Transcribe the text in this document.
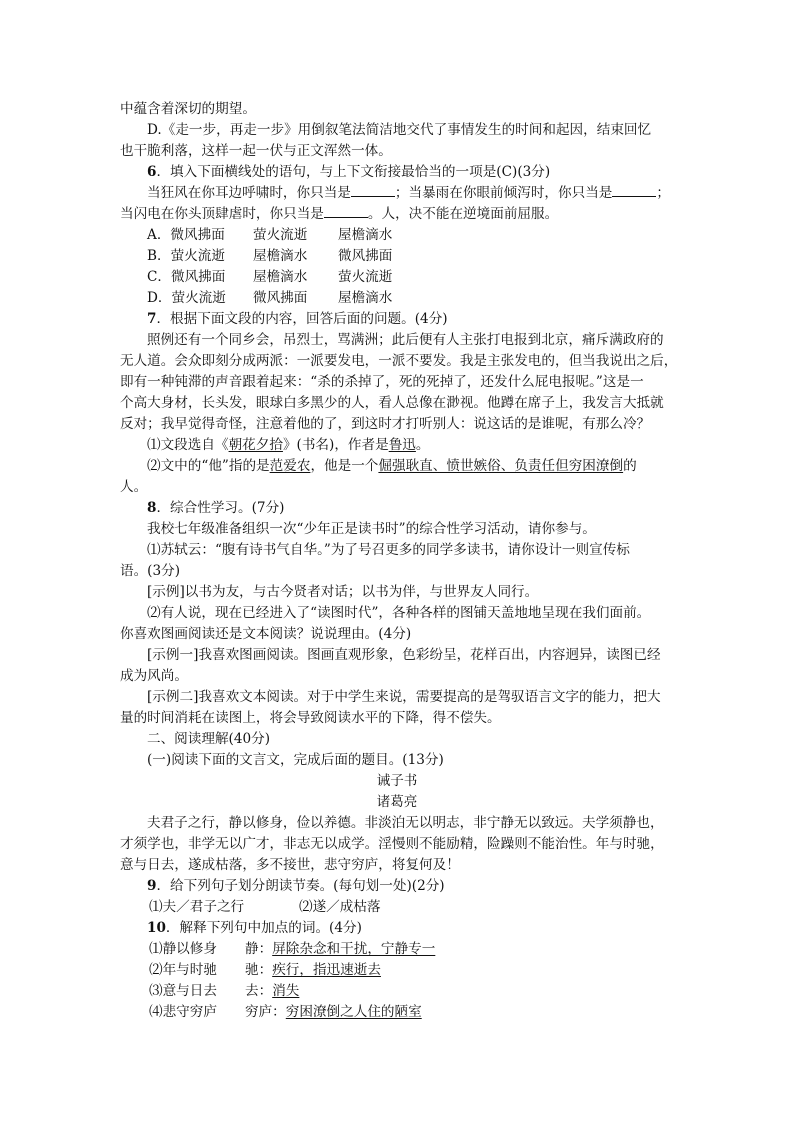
中蕴含着深切的期望。
D.《走一步，再走一步》用倒叙笔法简洁地交代了事情发生的时间和起因，结束回忆
也干脆利落，这样一起一伏与正文浑然一体。
6．填入下面横线处的语句，与上下文衔接最恰当的一项是(C)(3分)
当狂风在你耳边呼啸时，你只当是	；当暴雨在你眼前倾泻时，你只当是	；
当闪电在你头顶肆虐时，你只当是	。人，决不能在逆境面前屈服。
A．微风拂面 萤火流逝 屋檐滴水
B．萤火流逝 屋檐滴水 微风拂面
C．微风拂面 屋檐滴水 萤火流逝
D．萤火流逝 微风拂面 屋檐滴水
7．根据下面文段的内容，回答后面的问题。(4分)
照例还有一个同乡会，吊烈士，骂满洲；此后便有人主张打电报到北京，痛斥满政府的
无人道。会众即刻分成两派：一派要发电，一派不要发。我是主张发电的，但当我说出之后，
即有一种钝滞的声音跟着起来：“杀的杀掉了，死的死掉了，还发什么屁电报呢。”这是一
个高大身材，长头发，眼球白多黑少的人，看人总像在渺视。他蹲在席子上，我发言大抵就
反对；我早觉得奇怪，注意着他的了，到这时才打听别人：说这话的是谁呢，有那么冷？
⑴文段选自《朝花夕拾》(书名)，作者是鲁迅。
⑵文中的“他”指的是范爱农，他是一个倔强耿直、愤世嫉俗、负责任但穷困潦倒的
人。
8．综合性学习。(7分)
我校七年级准备组织一次“少年正是读书时”的综合性学习活动，请你参与。
⑴苏轼云：“腹有诗书气自华。”为了号召更多的同学多读书，请你设计一则宣传标
语。(3分)
[示例]以书为友，与古今贤者对话；以书为伴，与世界友人同行。
⑵有人说，现在已经进入了“读图时代”，各种各样的图铺天盖地地呈现在我们面前。
你喜欢图画阅读还是文本阅读？说说理由。(4分)
[示例一]我喜欢图画阅读。图画直观形象，色彩纷呈，花样百出，内容迥异，读图已经
成为风尚。
[示例二]我喜欢文本阅读。对于中学生来说，需要提高的是驾驭语言文字的能力，把大
量的时间消耗在读图上，将会导致阅读水平的下降，得不偿失。
二、阅读理解(40分)
(一)阅读下面的文言文，完成后面的题目。(13分)
诫子书
诸葛亮
夫君子之行，静以修身，俭以养德。非淡泊无以明志，非宁静无以致远。夫学须静也，
才须学也，非学无以广才，非志无以成学。淫慢则不能励精，险躁则不能治性。年与时驰，
意与日去，遂成枯落，多不接世，悲守穷庐，将复何及！
9．给下列句子划分朗读节奏。(每句划一处)(2分)
⑴夫／君子之行	⑵遂／成枯落
10．解释下列句中加点的词。(4分)
⑴静以修身 静：屏除杂念和干扰，宁静专一
⑵年与时驰 驰：疾行，指迅速逝去
⑶意与日去 去：消失
⑷悲守穷庐 穷庐：穷困潦倒之人住的陋室
